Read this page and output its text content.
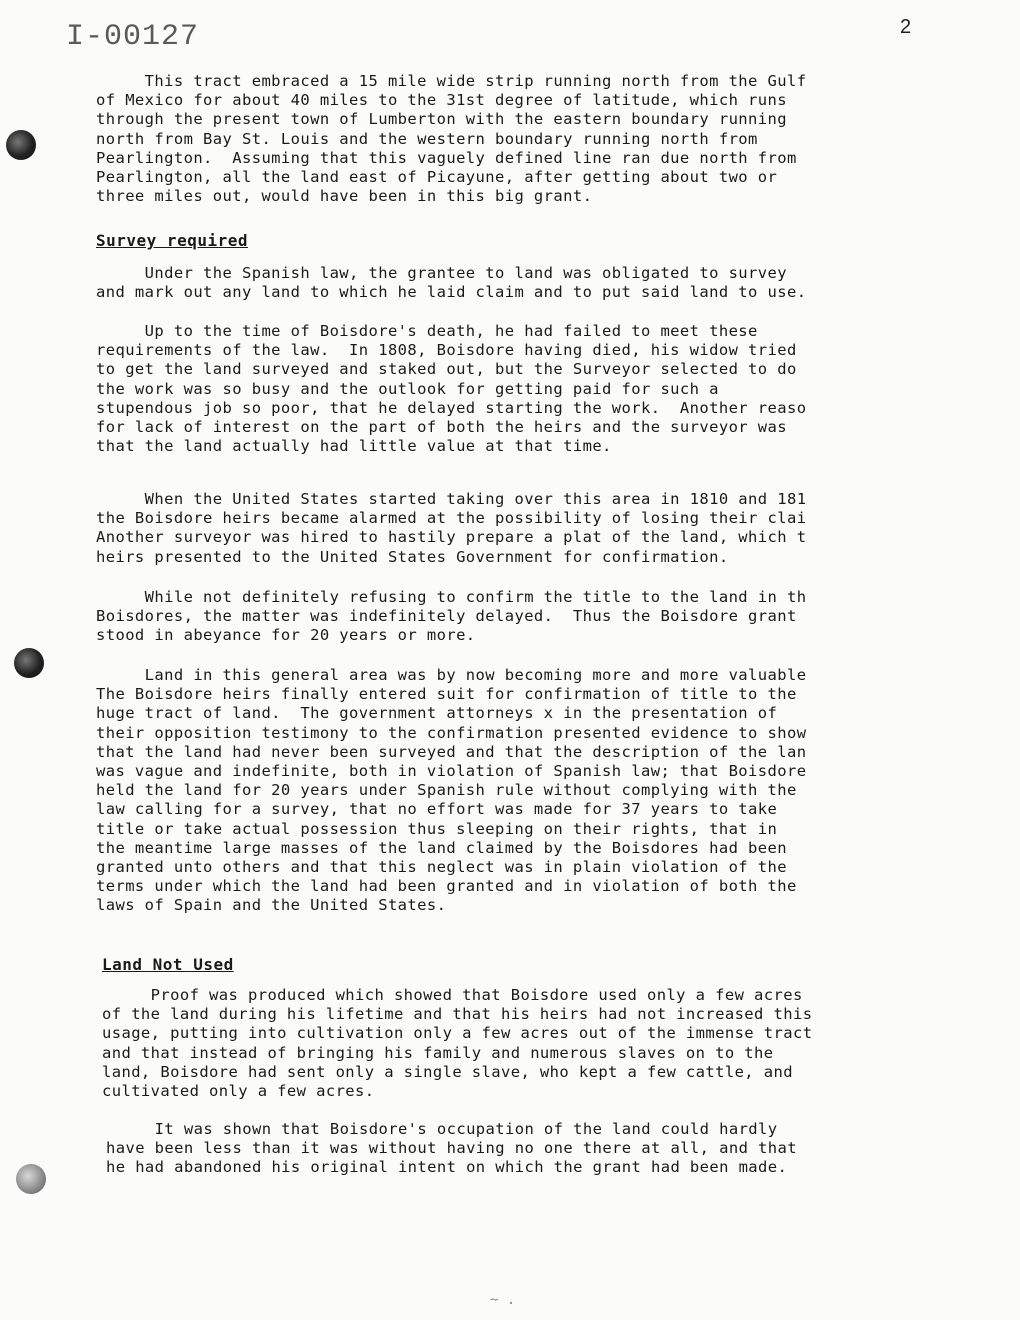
I-00127	2
~ .

This tract embraced a 15 mile wide strip running north from the Gulf
of Mexico for about 40 miles to the 31st degree of latitude, which runs
through the present town of Lumberton with the eastern boundary running
north from Bay St. Louis and the western boundary running north from
Pearlington.  Assuming that this vaguely defined line ran due north from
Pearlington, all the land east of Picayune, after getting about two or
three miles out, would have been in this big grant.

Survey required

Under the Spanish law, the grantee to land was obligated to survey
and mark out any land to which he laid claim and to put said land to use.

Up to the time of Boisdore's death, he had failed to meet these
requirements of the law.  In 1808, Boisdore having died, his widow tried
to get the land surveyed and staked out, but the Surveyor selected to do
the work was so busy and the outlook for getting paid for such a
stupendous job so poor, that he delayed starting the work.  Another reaso
for lack of interest on the part of both the heirs and the surveyor was
that the land actually had little value at that time.

When the United States started taking over this area in 1810 and 181
the Boisdore heirs became alarmed at the possibility of losing their clai
Another surveyor was hired to hastily prepare a plat of the land, which t
heirs presented to the United States Government for confirmation.

While not definitely refusing to confirm the title to the land in th
Boisdores, the matter was indefinitely delayed.  Thus the Boisdore grant
stood in abeyance for 20 years or more.

Land in this general area was by now becoming more and more valuable
The Boisdore heirs finally entered suit for confirmation of title to the
huge tract of land.  The government attorneys x in the presentation of
their opposition testimony to the confirmation presented evidence to show
that the land had never been surveyed and that the description of the lan
was vague and indefinite, both in violation of Spanish law; that Boisdore
held the land for 20 years under Spanish rule without complying with the
law calling for a survey, that no effort was made for 37 years to take
title or take actual possession thus sleeping on their rights, that in
the meantime large masses of the land claimed by the Boisdores had been
granted unto others and that this neglect was in plain violation of the
terms under which the land had been granted and in violation of both the
laws of Spain and the United States.

Land Not Used

Proof was produced which showed that Boisdore used only a few acres
of the land during his lifetime and that his heirs had not increased this
usage, putting into cultivation only a few acres out of the immense tract
and that instead of bringing his family and numerous slaves on to the
land, Boisdore had sent only a single slave, who kept a few cattle, and
cultivated only a few acres.

It was shown that Boisdore's occupation of the land could hardly
have been less than it was without having no one there at all, and that
he had abandoned his original intent on which the grant had been made.
